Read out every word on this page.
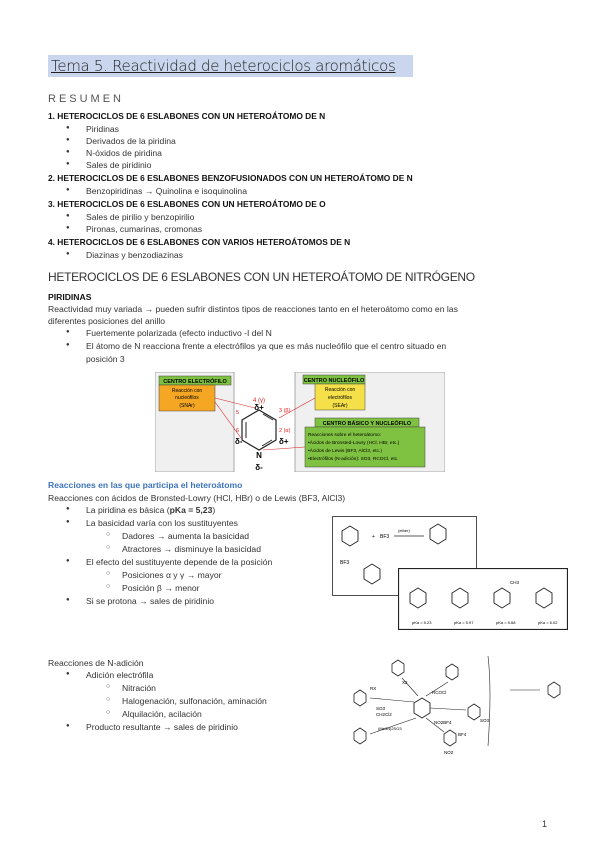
Tema 5. Reactividad de heterociclos aromáticos
RESUMEN
1. HETEROCICLOS DE 6 ESLABONES CON UN HETEROÁTOMO DE N
● Piridinas
● Derivados de la piridina
● N-óxidos de piridina
● Sales de piridinio
2. HETEROCICLOS DE 6 ESLABONES BENZOFUSIONADOS CON UN HETEROÁTOMO DE N
● Benzopiridinas → Quinolina e isoquinolina
3. HETEROCICLOS DE 6 ESLABONES CON UN HETEROÁTOMO DE O
● Sales de pirilio y benzopirilio
● Pironas, cumarinas, cromonas
4. HETEROCICLOS DE 6 ESLABONES CON VARIOS HETEROÁTOMOS DE N
● Diazinas y benzodiazinas
HETEROCICLOS DE 6 ESLABONES CON UN HETEROÁTOMO DE NITRÓGENO
PIRIDINAS
Reactividad muy variada → pueden sufrir distintos tipos de reacciones tanto en el heteroátomo como en las
diferentes posiciones del anillo
● Fuertemente polarizada (efecto inductivo -I del N
● El átomo de N reacciona frente a electrófilos ya que es más nucleófilo que el centro situado en
posición 3
CENTRO ELECTRÓFILO
Reacción con
nucleófilos
(SNAr)
CENTRO NUCLEÓFILO
Reacción con
electrófilos
(SEAr)
CENTRO BÁSICO Y NUCLEÓFILO
Reacciones sobre el heteroátomo:
•Ácidos de Bronsted-Lowry (HCl, HBr, etc.)
•Ácidos de Lewis (BF3, AlCl3, etc.)
•Electrófilos (N-adición): SO3, RCOCl, etc.
4 (γ)
δ+	3 (β)
2 (α)
δ-
N
δ+
δ-
6
5
Reacciones en las que participa el heteroátomo
Reacciones con ácidos de Bronsted-Lowry (HCl, HBr) o de Lewis (BF3, AlCl3)
● La piridina es básica (pKa = 5,23)
● La basicidad varía con los sustituyentes
○ Dadores → aumenta la basicidad
○ Atractores → disminuye la basicidad
● El efecto del sustituyente depende de la posición
○ Posiciones α y γ → mayor
○ Posición β → menor
● Si se protona → sales de piridinio
+ BF3
(ether)
BF3
CH3
pKa = 5.23	pKa = 5.97	pKa = 5.68	pKa = 6.02
Reacciones de N-adición
● Adición electrófila
○ Nitración
○ Halogenación, sulfonación, aminación
○ Alquilación, acilación
● Producto resultante → sales de piridinio
RCOCl
SO3
CH2Cl2
RX
NO2BF4
(Me3N)2SO3
X2
BF4
NO2
SO3
1
